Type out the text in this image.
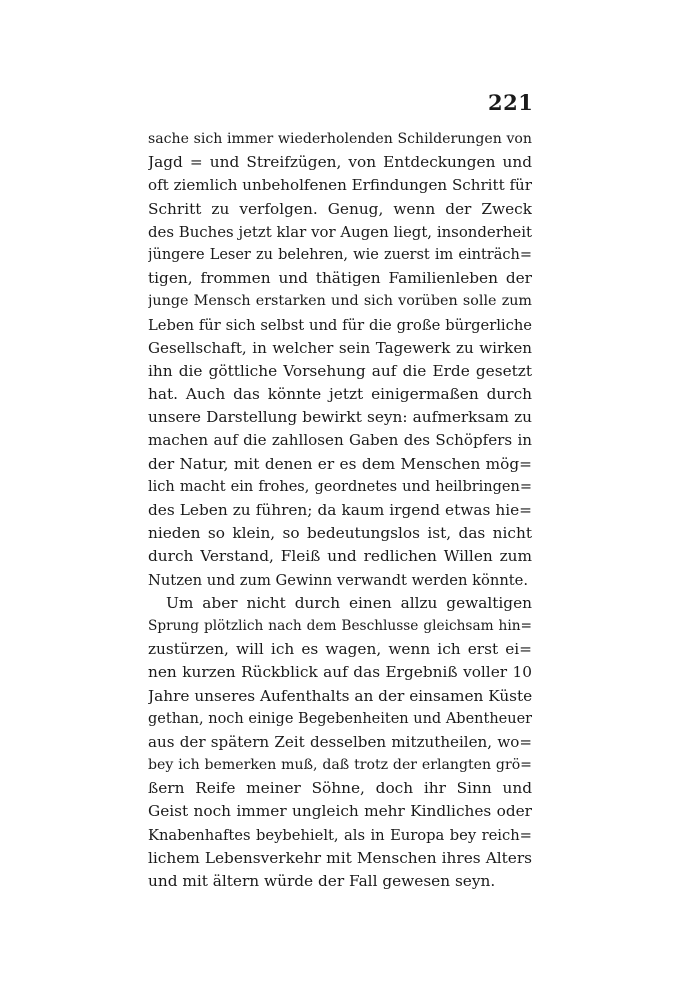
221
sache sich immer wiederholenden Schilderungen von
Jagd = und Streifzügen, von Entdeckungen und
oft ziemlich unbeholfenen Erfindungen Schritt für
Schritt zu verfolgen. Genug, wenn der Zweck
des Buches jetzt klar vor Augen liegt, insonderheit
jüngere Leser zu belehren, wie zuerst im einträch=
tigen, frommen und thätigen Familienleben der
junge Mensch erstarken und sich vorüben solle zum
Leben für sich selbst und für die große bürgerliche
Gesellschaft, in welcher sein Tagewerk zu wirken
ihn die göttliche Vorsehung auf die Erde gesetzt
hat. Auch das könnte jetzt einigermaßen durch
unsere Darstellung bewirkt seyn: aufmerksam zu
machen auf die zahllosen Gaben des Schöpfers in
der Natur, mit denen er es dem Menschen mög=
lich macht ein frohes, geordnetes und heilbringen=
des Leben zu führen; da kaum irgend etwas hie=
nieden so klein, so bedeutungslos ist, das nicht
durch Verstand, Fleiß und redlichen Willen zum
Nutzen und zum Gewinn verwandt werden könnte.
Um aber nicht durch einen allzu gewaltigen
Sprung plötzlich nach dem Beschlusse gleichsam hin=
zustürzen, will ich es wagen, wenn ich erst ei=
nen kurzen Rückblick auf das Ergebniß voller 10
Jahre unseres Aufenthalts an der einsamen Küste
gethan, noch einige Begebenheiten und Abentheuer
aus der spätern Zeit desselben mitzutheilen, wo=
bey ich bemerken muß, daß trotz der erlangten grö=
ßern Reife meiner Söhne, doch ihr Sinn und
Geist noch immer ungleich mehr Kindliches oder
Knabenhaftes beybehielt, als in Europa bey reich=
lichem Lebensverkehr mit Menschen ihres Alters
und mit ältern würde der Fall gewesen seyn.
